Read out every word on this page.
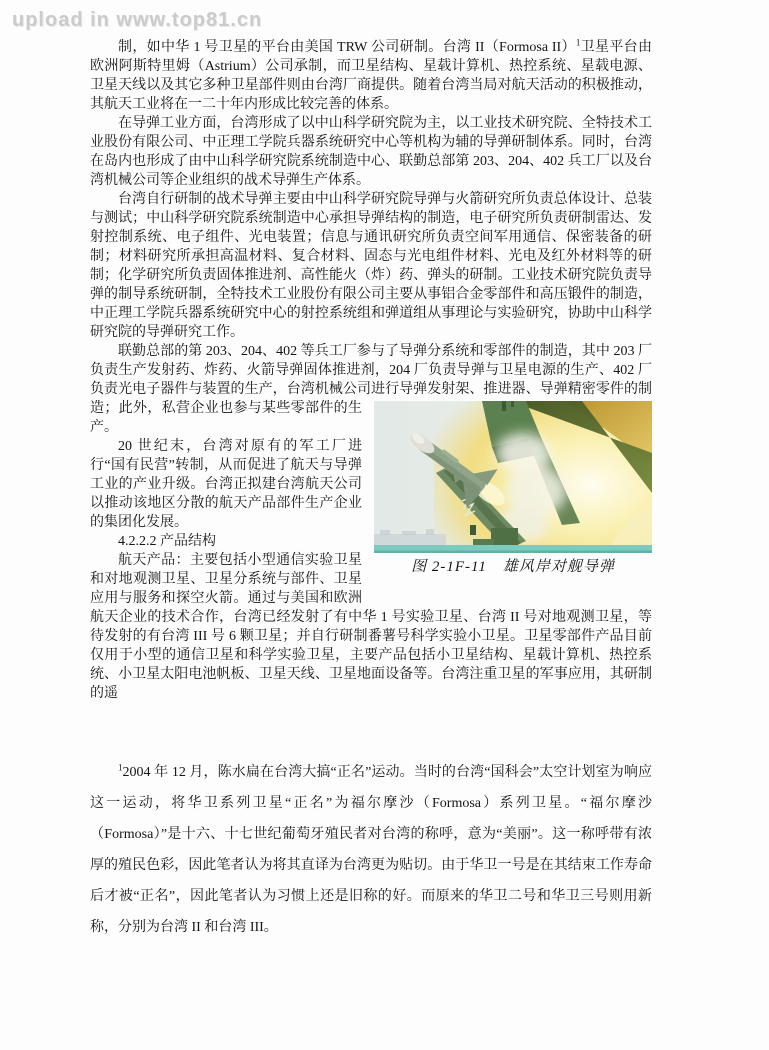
upload in www.top81.cn

制，如中华 1 号卫星的平台由美国 TRW 公司研制。台湾 II（Formosa II）$^1$卫星平台由欧洲阿斯特里姆（Astrium）公司承制，而卫星结构、星载计算机、热控系统、星载电源、卫星天线以及其它多种卫星部件则由台湾厂商提供。随着台湾当局对航天活动的积极推动，其航天工业将在一二十年内形成比较完善的体系。

在导弹工业方面，台湾形成了以中山科学研究院为主，以工业技术研究院、全特技术工业股份有限公司、中正理工学院兵器系统研究中心等机构为辅的导弹研制体系。同时，台湾在岛内也形成了由中山科学研究院系统制造中心、联勤总部第 203、204、402 兵工厂以及台湾机械公司等企业组织的战术导弹生产体系。

台湾自行研制的战术导弹主要由中山科学研究院导弹与火箭研究所负责总体设计、总装与测试；中山科学研究院系统制造中心承担导弹结构的制造，电子研究所负责研制雷达、发射控制系统、电子组件、光电装置；信息与通讯研究所负责空间军用通信、保密装备的研制；材料研究所承担高温材料、复合材料、固态与光电组件材料、光电及红外材料等的研制；化学研究所负责固体推进剂、高性能火（炸）药、弹头的研制。工业技术研究院负责导弹的制导系统研制，全特技术工业股份有限公司主要从事铝合金零部件和高压锻件的制造，中正理工学院兵器系统研究中心的射控系统组和弹道组从事理论与实验研究，协助中山科学研究院的导弹研究工作。

联勤总部的第 203、204、402 等兵工厂参与了导弹分系统和零部件的制造，其中 203 厂负责生产发射药、炸药、火箭导弹固体推进剂，204 厂负责导弹与卫星电源的生产、402 厂负责光电子器件与装置的生产，台湾机械公司进行导弹发射架、推进器、导弹精密零件的
图 2-1F-11　雄风岸对舰导弹
制造；此外，私营企业也参与某些零部件的生产。

20 世纪末，台湾对原有的军工厂进行“国有民营”转制，从而促进了航天与导弹工业的产业升级。台湾正拟建台湾航天公司以推动该地区分散的航天产品部件生产企业的集团化发展。

4.2.2.2 产品结构

航天产品：主要包括小型通信实验卫星和对地观测卫星、卫星分系统与部件、卫星应用与服务和探空火箭。通过与美国和欧洲航天企业的技术合作，台湾已经发射了有中华 1 号实验卫星、台湾 II 号对地观测卫星，等待发射的有台湾 III 号 6 颗卫星；并自行研制番薯号科学实验小卫星。卫星零部件产品目前仅用于小型的通信卫星和科学实验卫星，主要产品包括小卫星结构、星载计算机、热控系统、小卫星太阳电池帆板、卫星天线、卫星地面设备等。台湾注重卫星的军事应用，其研制的遥

$^1$2004 年 12 月，陈水扁在台湾大搞“正名”运动。当时的台湾“国科会”太空计划室为响应这一运动，将华卫系列卫星“正名”为福尔摩沙（Formosa）系列卫星。“福尔摩沙（Formosa）”是十六、十七世纪葡萄牙殖民者对台湾的称呼，意为“美丽”。这一称呼带有浓厚的殖民色彩，因此笔者认为将其直译为台湾更为贴切。由于华卫一号是在其结束工作寿命后才被“正名”，因此笔者认为习惯上还是旧称的好。而原来的华卫二号和华卫三号则用新称，分别为台湾 II 和台湾 III。
